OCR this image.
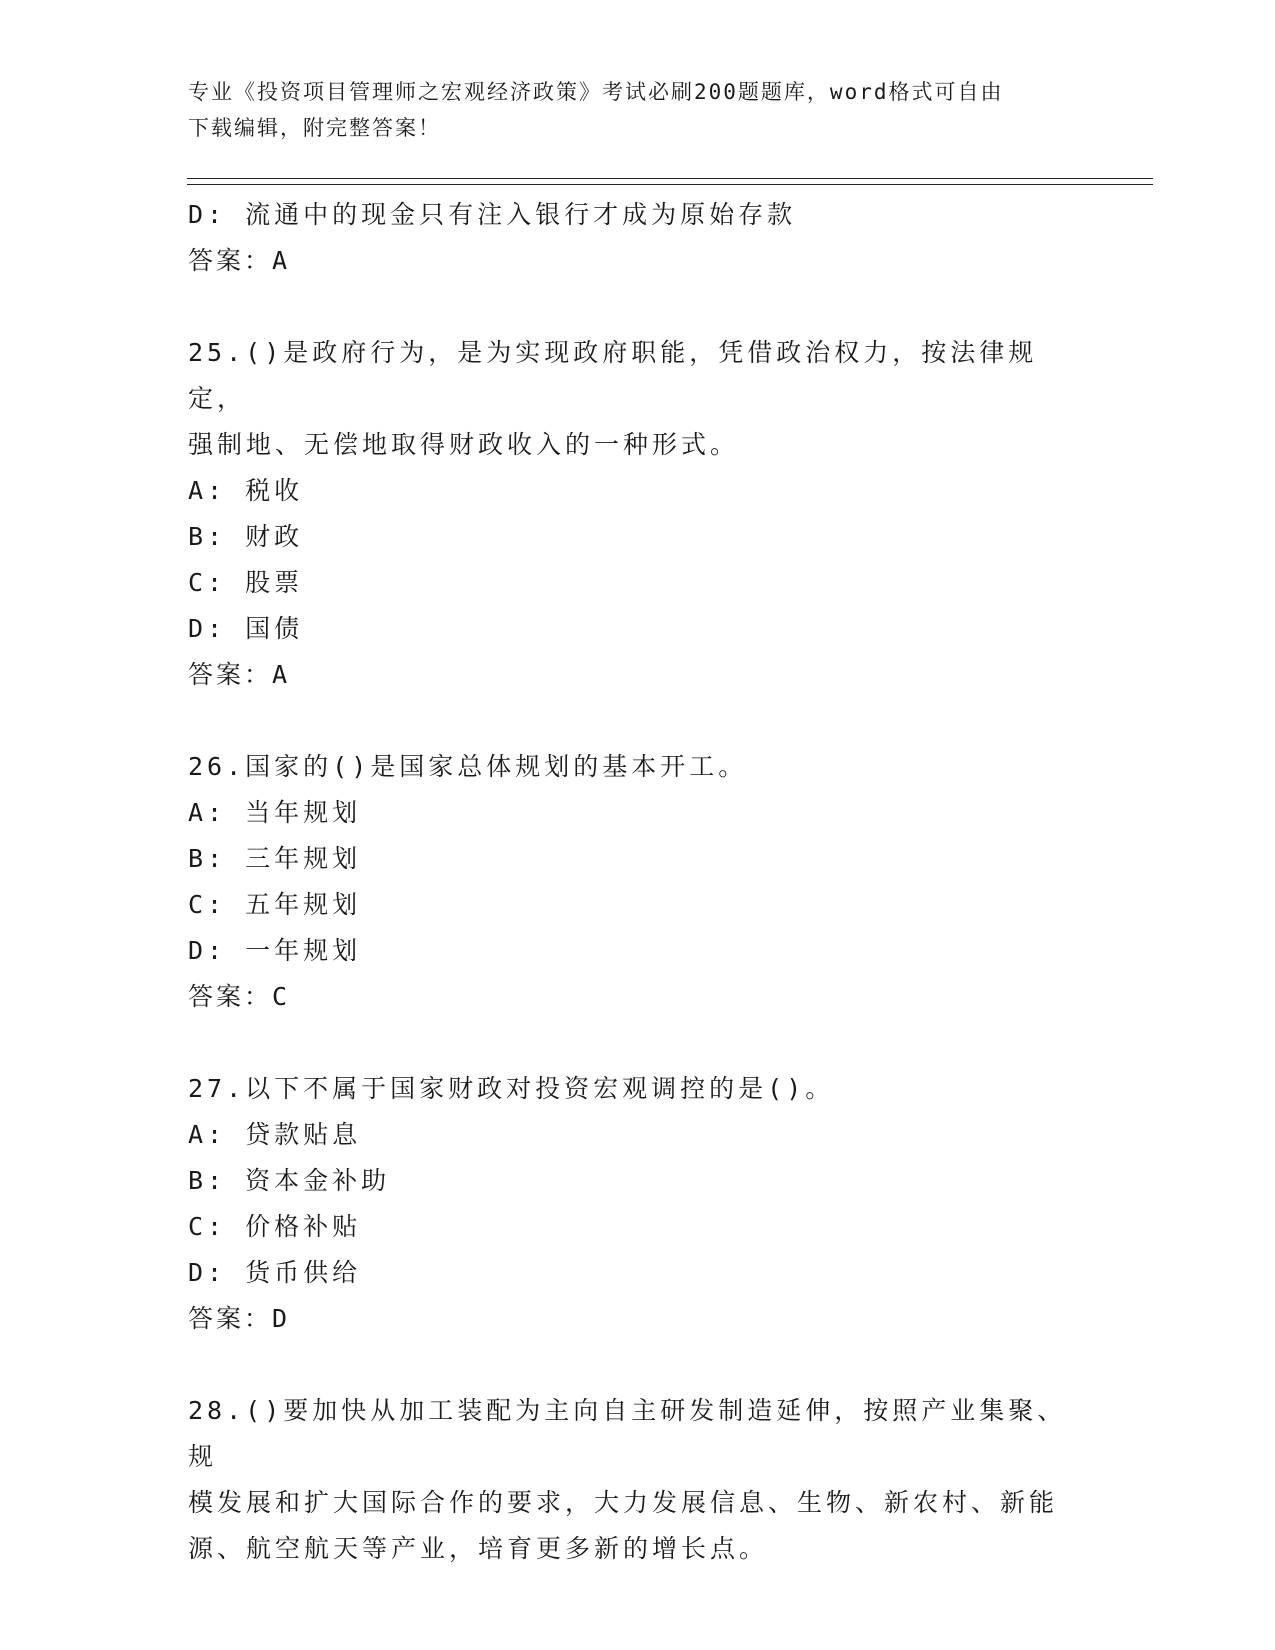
专业《投资项目管理师之宏观经济政策》考试必刷200题题库，word格式可自由
下载编辑，附完整答案！
D: 流通中的现金只有注入银行才成为原始存款
答案：A
25.()是政府行为，是为实现政府职能，凭借政治权力，按法律规定，
强制地、无偿地取得财政收入的一种形式。
A: 税收
B: 财政
C: 股票
D: 国债
答案：A
26.国家的()是国家总体规划的基本开工。
A: 当年规划
B: 三年规划
C: 五年规划
D: 一年规划
答案：C
27.以下不属于国家财政对投资宏观调控的是()。
A: 贷款贴息
B: 资本金补助
C: 价格补贴
D: 货币供给
答案：D
28.()要加快从加工装配为主向自主研发制造延伸，按照产业集聚、规
模发展和扩大国际合作的要求，大力发展信息、生物、新农村、新能
源、航空航天等产业，培育更多新的增长点。
